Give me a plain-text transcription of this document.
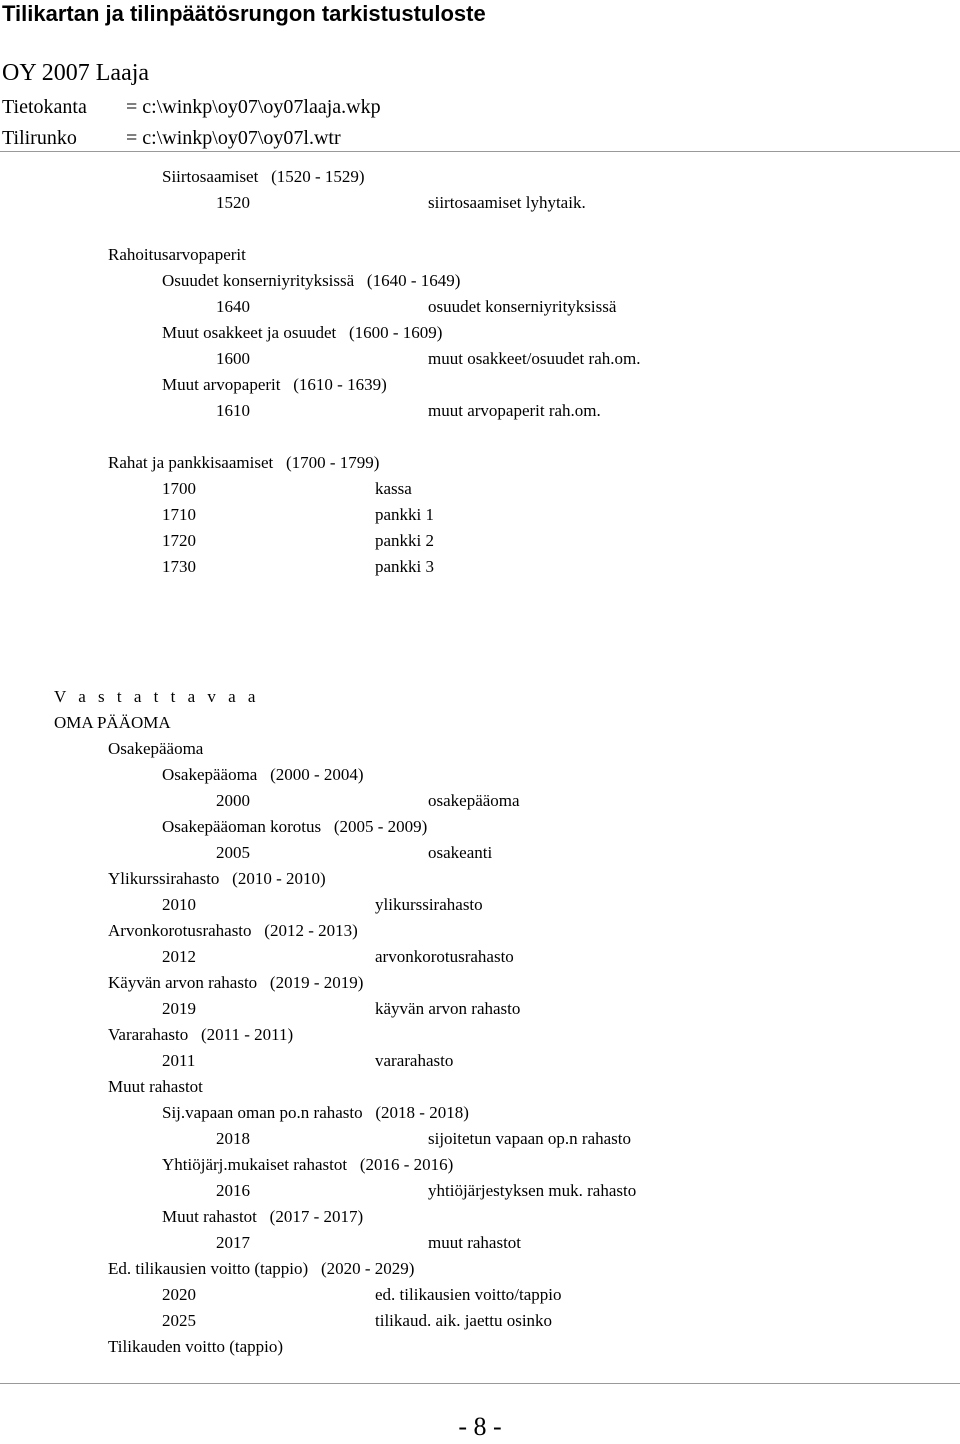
Tilikartan ja tilinpäätösrungon tarkistustuloste
OY 2007 Laaja
Tietokanta = c:\winkp\oy07\oy07laaja.wkp
Tilirunko = c:\winkp\oy07\oy07l.wtr
Siirtosaamiset   (1520 - 1529)
1520	siirtosaamiset lyhytaik.
Rahoitusarvopaperit
Osuudet konserniyrityksissä   (1640 - 1649)
1640	osuudet konserniyrityksissä
Muut osakkeet ja osuudet   (1600 - 1609)
1600	muut osakkeet/osuudet rah.om.
Muut arvopaperit   (1610 - 1639)
1610	muut arvopaperit rah.om.
Rahat ja pankkisaamiset   (1700 - 1799)
1700	kassa
1710	pankki 1
1720	pankki 2
1730	pankki 3
V a s t a t t a v a a
OMA PÄÄOMA
Osakepääoma
Osakepääoma   (2000 - 2004)
2000	osakepääoma
Osakepääoman korotus   (2005 - 2009)
2005	osakeanti
Ylikurssirahasto   (2010 - 2010)
2010	ylikurssirahasto
Arvonkorotusrahasto   (2012 - 2013)
2012	arvonkorotusrahasto
Käyvän arvon rahasto   (2019 - 2019)
2019	käyvän arvon rahasto
Vararahasto   (2011 - 2011)
2011	vararahasto
Muut rahastot
Sij.vapaan oman po.n rahasto   (2018 - 2018)
2018	sijoitetun vapaan op.n rahasto
Yhtiöjärj.mukaiset rahastot   (2016 - 2016)
2016	yhtiöjärjestyksen muk. rahasto
Muut rahastot   (2017 - 2017)
2017	muut rahastot
Ed. tilikausien voitto (tappio)   (2020 - 2029)
2020	ed. tilikausien voitto/tappio
2025	tilikaud. aik. jaettu osinko
Tilikauden voitto (tappio)
- 8 -
